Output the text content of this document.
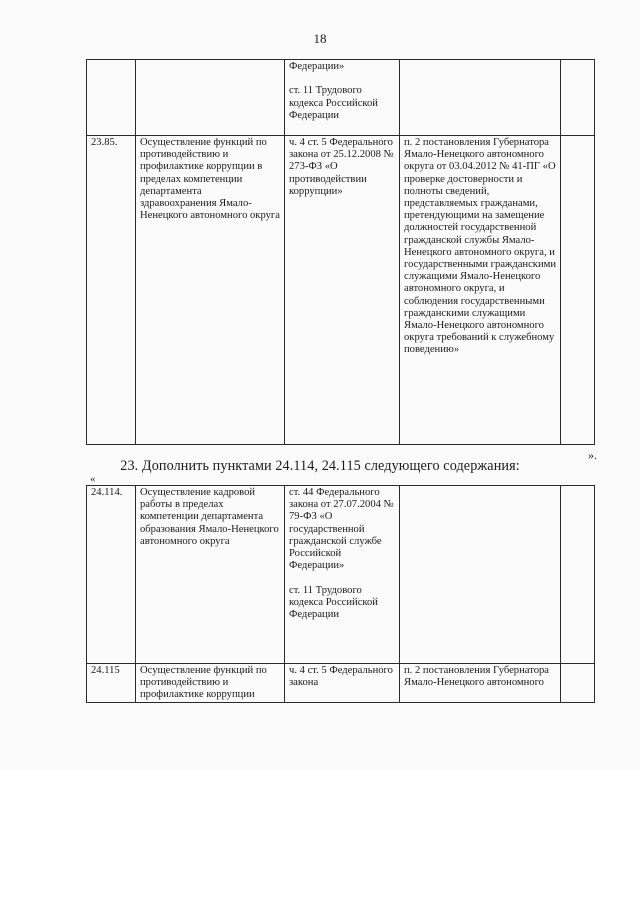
18
		Федерации»

ст. 11 Трудового кодекса Российской Федерации		
23.85.	Осуществление функций по противодействию и профилактике коррупции в пределах компетенции департамента здравоохранения Ямало-Ненецкого автономного округа	ч. 4 ст. 5 Федерального закона от 25.12.2008 № 273-ФЗ «О противодействии коррупции»	п. 2 постановления Губернатора Ямало-Ненецкого автономного округа от 03.04.2012 № 41-ПГ «О проверке достоверности и полноты сведений, представляемых гражданами, претендующими на замещение должностей государственной гражданской службы Ямало-Ненецкого автономного округа, и государственными гражданскими служащими Ямало-Ненецкого автономного округа, и соблюдения государственными гражданскими служащими Ямало-Ненецкого автономного округа требований к служебному поведению»	
».
23. Дополнить пунктами 24.114, 24.115 следующего содержания:
«
24.114.	Осуществление кадровой работы в пределах компетенции департамента образования Ямало-Ненецкого автономного округа	ст. 44 Федерального закона от 27.07.2004 № 79-ФЗ «О государственной гражданской службе Российской Федерации»

ст. 11 Трудового кодекса Российской Федерации		
24.115	Осуществление функций по противодействию и профилактике коррупции	ч. 4 ст. 5 Федерального закона	п. 2 постановления Губернатора Ямало-Ненецкого автономного	
